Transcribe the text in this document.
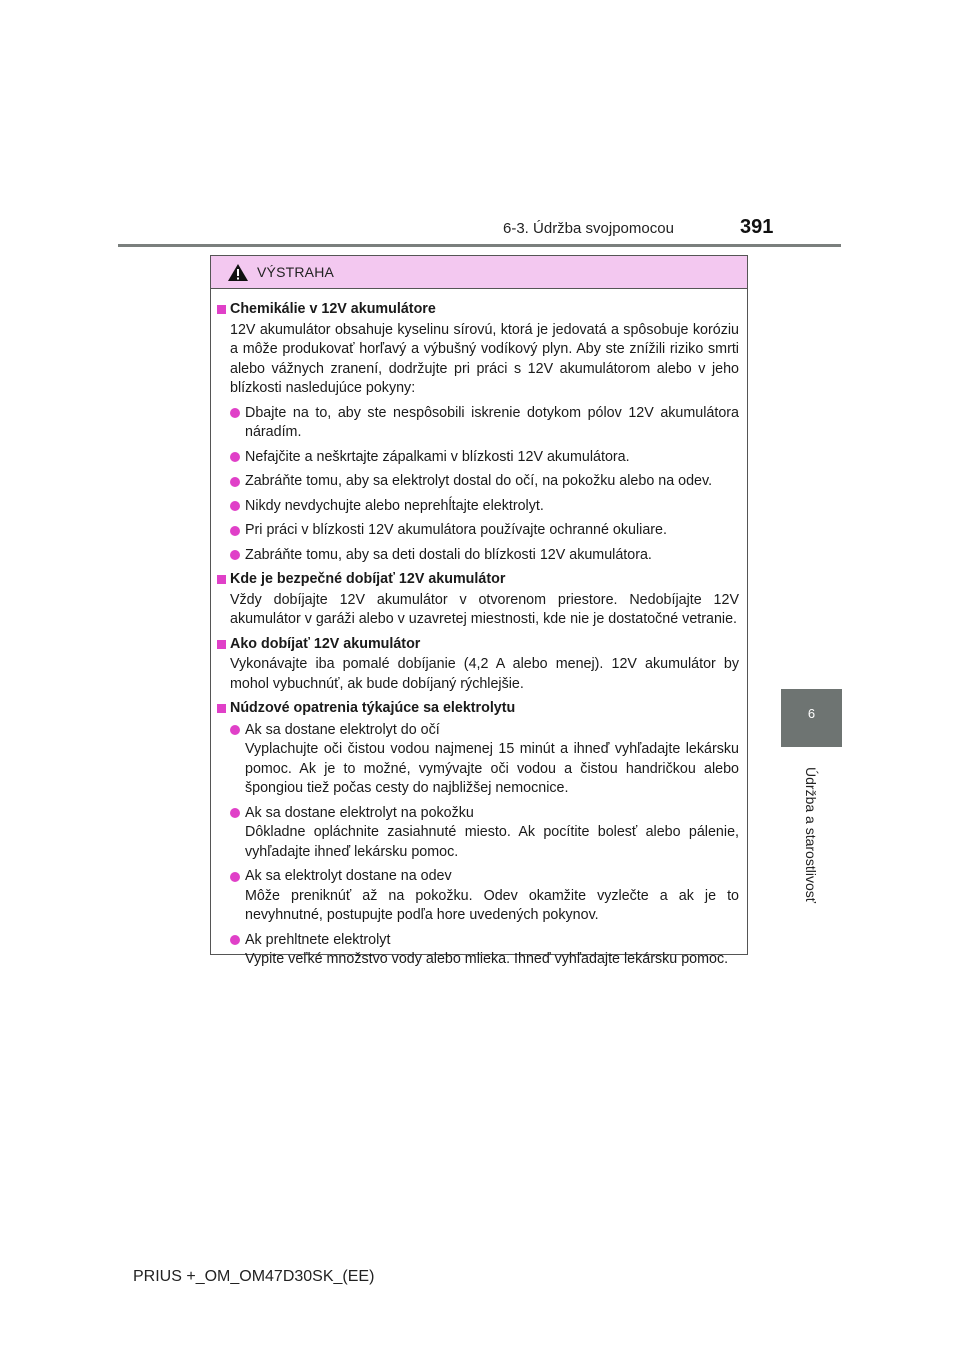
6-3. Údržba svojpomocou	391
6
Údržba a starostlivosť
VÝSTRAHA
Chemikálie v 12V akumulátore
12V akumulátor obsahuje kyselinu sírovú, ktorá je jedovatá a spôsobuje koróziu a môže produkovať horľavý a výbušný vodíkový plyn. Aby ste znížili riziko smrti alebo vážnych zranení, dodržujte pri práci s 12V akumulátorom alebo v jeho blízkosti nasledujúce pokyny:
Dbajte na to, aby ste nespôsobili iskrenie dotykom pólov 12V akumulátora náradím.
Nefajčite a neškrtajte zápalkami v blízkosti 12V akumulátora.
Zabráňte tomu, aby sa elektrolyt dostal do očí, na pokožku alebo na odev.
Nikdy nevdychujte alebo neprehĺtajte elektrolyt.
Pri práci v blízkosti 12V akumulátora používajte ochranné okuliare.
Zabráňte tomu, aby sa deti dostali do blízkosti 12V akumulátora.
Kde je bezpečné dobíjať 12V akumulátor
Vždy dobíjajte 12V akumulátor v otvorenom priestore. Nedobíjajte 12V akumulátor v garáži alebo v uzavretej miestnosti, kde nie je dostatočné vetranie.
Ako dobíjať 12V akumulátor
Vykonávajte iba pomalé dobíjanie (4,2 A alebo menej). 12V akumulátor by mohol vybuchnúť, ak bude dobíjaný rýchlejšie.
Núdzové opatrenia týkajúce sa elektrolytu
Ak sa dostane elektrolyt do očí
Vyplachujte oči čistou vodou najmenej 15 minút a ihneď vyhľadajte lekársku pomoc. Ak je to možné, vymývajte oči vodou a čistou handričkou alebo špongiou tiež počas cesty do najbližšej nemocnice.
Ak sa dostane elektrolyt na pokožku
Dôkladne opláchnite zasiahnuté miesto. Ak pocítite bolesť alebo pálenie, vyhľadajte ihneď lekársku pomoc.
Ak sa elektrolyt dostane na odev
Môže preniknúť až na pokožku. Odev okamžite vyzlečte a ak je to nevyhnutné, postupujte podľa hore uvedených pokynov.
Ak prehltnete elektrolyt
Vypite veľké množstvo vody alebo mlieka. Ihneď vyhľadajte lekársku pomoc.
PRIUS +_OM_OM47D30SK_(EE)
